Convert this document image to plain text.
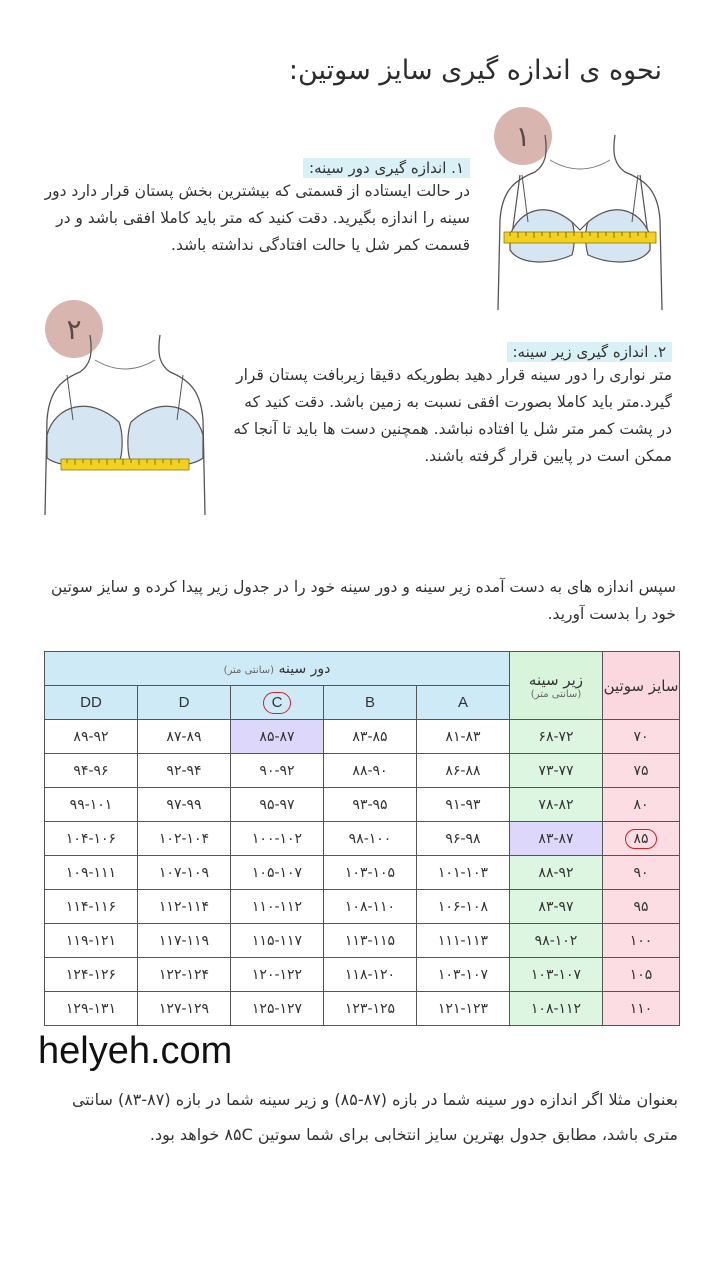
نحوه ی اندازه گیری سایز سوتین:
۱
۱. اندازه گیری دور سینه:
در حالت ایستاده از قسمتی که بیشترین بخش پستان قرار دارد دور سینه را اندازه بگیرید. دقت کنید که متر باید کاملا افقی باشد و در قسمت کمر شل یا حالت افتادگی نداشته باشد.
۲
۲. اندازه گیری زیر سینه:
متر نواری را دور سینه قرار دهید بطوریکه دقیقا زیربافت پستان قرار گیرد.متر باید کاملا بصورت افقی نسبت به زمین باشد. دقت کنید که در پشت کمر متر شل یا افتاده نباشد. همچنین دست ها باید تا آنجا که ممکن است در پایین قرار گرفته باشند.
سپس اندازه های به دست آمده زیر سینه و دور سینه خود را در جدول زیر پیدا کرده و سایز سوتین خود را بدست آورید.
سایز سوتین	زیر سینه
(سانتی متر)	دور سینه (سانتی متر)				
		A	B	C	D	DD
۷۰	۶۸-۷۲	۸۱-۸۳	۸۳-۸۵	۸۵-۸۷	۸۷-۸۹	۸۹-۹۲
۷۵	۷۳-۷۷	۸۶-۸۸	۸۸-۹۰	۹۰-۹۲	۹۲-۹۴	۹۴-۹۶
۸۰	۷۸-۸۲	۹۱-۹۳	۹۳-۹۵	۹۵-۹۷	۹۷-۹۹	۹۹-۱۰۱
۸۵	۸۳-۸۷	۹۶-۹۸	۹۸-۱۰۰	۱۰۰-۱۰۲	۱۰۲-۱۰۴	۱۰۴-۱۰۶
۹۰	۸۸-۹۲	۱۰۱-۱۰۳	۱۰۳-۱۰۵	۱۰۵-۱۰۷	۱۰۷-۱۰۹	۱۰۹-۱۱۱
۹۵	۸۳-۹۷	۱۰۶-۱۰۸	۱۰۸-۱۱۰	۱۱۰-۱۱۲	۱۱۲-۱۱۴	۱۱۴-۱۱۶
۱۰۰	۹۸-۱۰۲	۱۱۱-۱۱۳	۱۱۳-۱۱۵	۱۱۵-۱۱۷	۱۱۷-۱۱۹	۱۱۹-۱۲۱
۱۰۵	۱۰۳-۱۰۷	۱۰۳-۱۰۷	۱۱۸-۱۲۰	۱۲۰-۱۲۲	۱۲۲-۱۲۴	۱۲۴-۱۲۶
۱۱۰	۱۰۸-۱۱۲	۱۲۱-۱۲۳	۱۲۳-۱۲۵	۱۲۵-۱۲۷	۱۲۷-۱۲۹	۱۲۹-۱۳۱
helyeh.com
بعنوان مثلا اگر اندازه دور سینه شما در بازه (۸۷-۸۵) و زیر سینه شما در بازه (۸۷-۸۳) سانتی متری باشد، مطابق جدول بهترین سایز انتخابی برای شما سوتین ۸۵C خواهد بود.
